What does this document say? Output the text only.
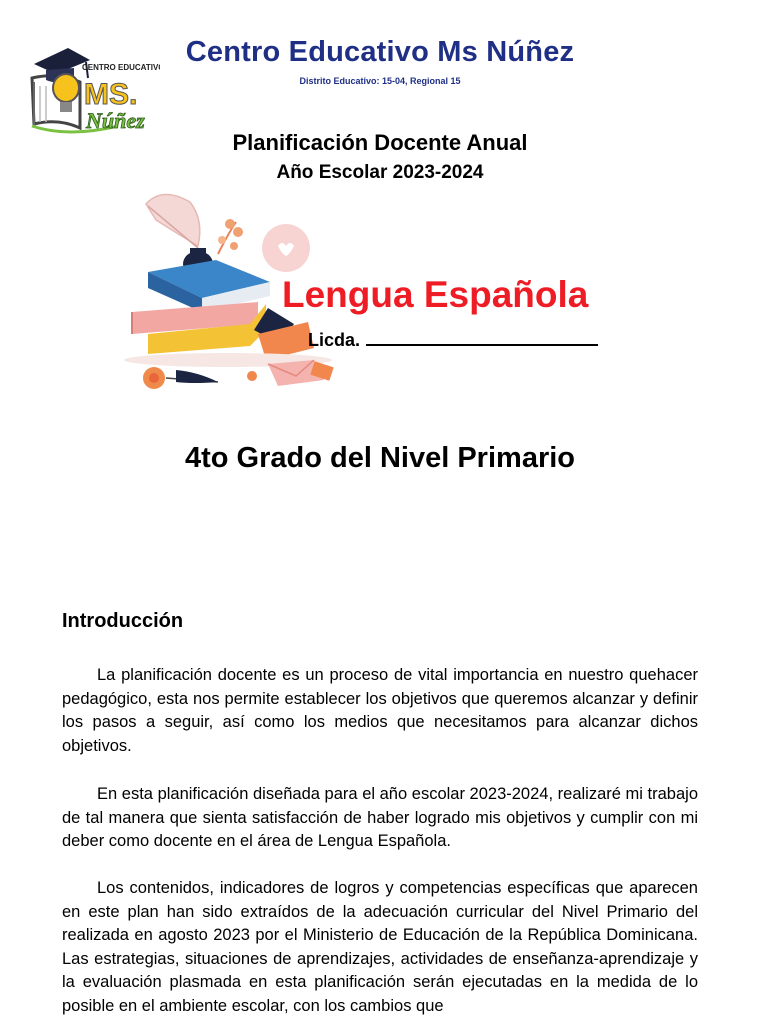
CENTRO EDUCATIVO
MS.
Núñez
Centro Educativo Ms Núñez
Distrito Educativo: 15-04, Regional 15
Planificación Docente Anual
Año Escolar 2023-2024
Lengua Española
Licda.
4to Grado del Nivel Primario
Introducción
La planificación docente es un proceso de vital importancia en nuestro quehacer pedagógico, esta nos permite establecer los objetivos que queremos alcanzar y definir los pasos a seguir, así como los medios que necesitamos para alcanzar dichos objetivos.
En esta planificación diseñada para el año escolar 2023-2024, realizaré mi trabajo de tal manera que sienta satisfacción de haber logrado mis objetivos y cumplir con mi deber como docente en el área de Lengua Española.
Los contenidos, indicadores de logros y competencias específicas que aparecen en este plan han sido extraídos de la adecuación curricular del Nivel Primario del realizada en agosto 2023 por el Ministerio de Educación de la República Dominicana. Las estrategias, situaciones de aprendizajes, actividades de enseñanza-aprendizaje y la evaluación plasmada en esta planificación serán ejecutadas en la medida de lo posible en el ambiente escolar, con los cambios que
